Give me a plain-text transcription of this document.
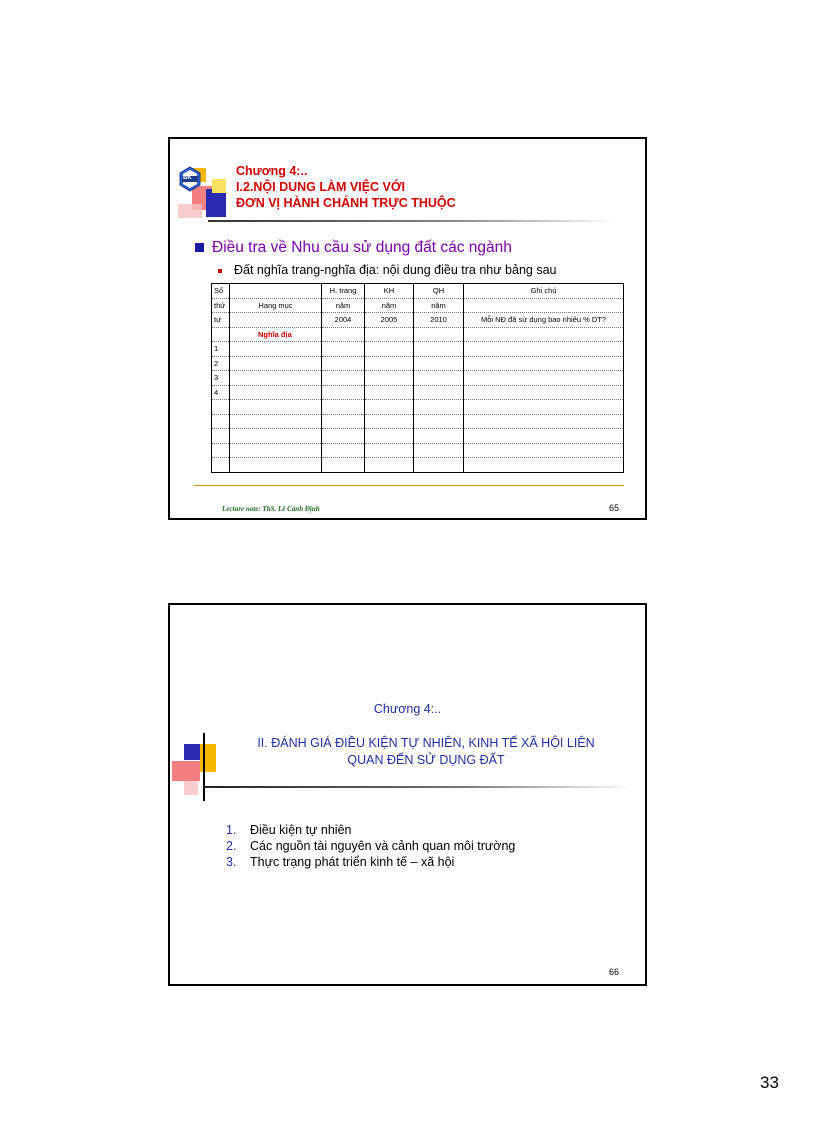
BK	Chương 4:..
I.2.NỘI DUNG LÀM VIỆC VỚI
ĐƠN VỊ HÀNH CHÁNH TRỰC THUỘC
Điều tra về Nhu cầu sử dụng đất các ngành
Đất nghĩa trang-nghĩa địa: nội dung điều tra như bảng sau
Số		H. trang	KH	QH	Ghi chú
thứ	Hạng mục	năm	năm	năm	
tự		2004	2005	2010	Mỗi NĐ đã sử dụng bao nhiêu % DT?
	Nghĩa địa				
1					
2					
3					
4					

Lecture note: ThS. Lê Cảnh Định	65
Chương 4:..
II. ĐÁNH GIÁ ĐIỀU KIỆN TỰ NHIÊN, KINH TẾ XÃ HỘI LIÊN
QUAN ĐẾN SỬ DỤNG ĐẤT
1. Điều kiện tự nhiên
2. Các nguồn tài nguyên và cảnh quan môi trường
3. Thực trạng phát triển kinh tế – xã hội
66
33
